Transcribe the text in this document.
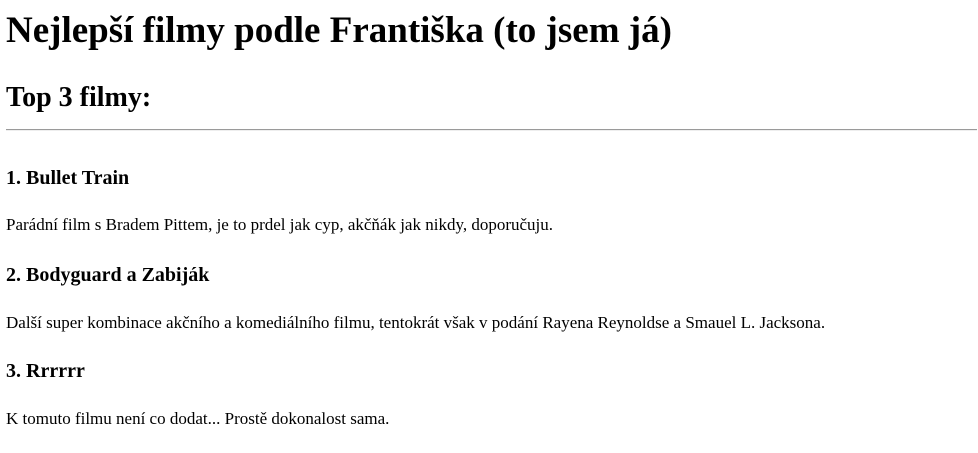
Nejlepší filmy podle Františka (to jsem já)
Top 3 filmy:
1. Bullet Train

Parádní film s Bradem Pittem, je to prdel jak cyp, akčňák jak nikdy, doporučuju.

2. Bodyguard a Zabiják

Další super kombinace akčního a komediálního filmu, tentokrát však v podání Rayena Reynoldse a Smauel L. Jacksona.

3. Rrrrrr

K tomuto filmu není co dodat... Prostě dokonalost sama.
